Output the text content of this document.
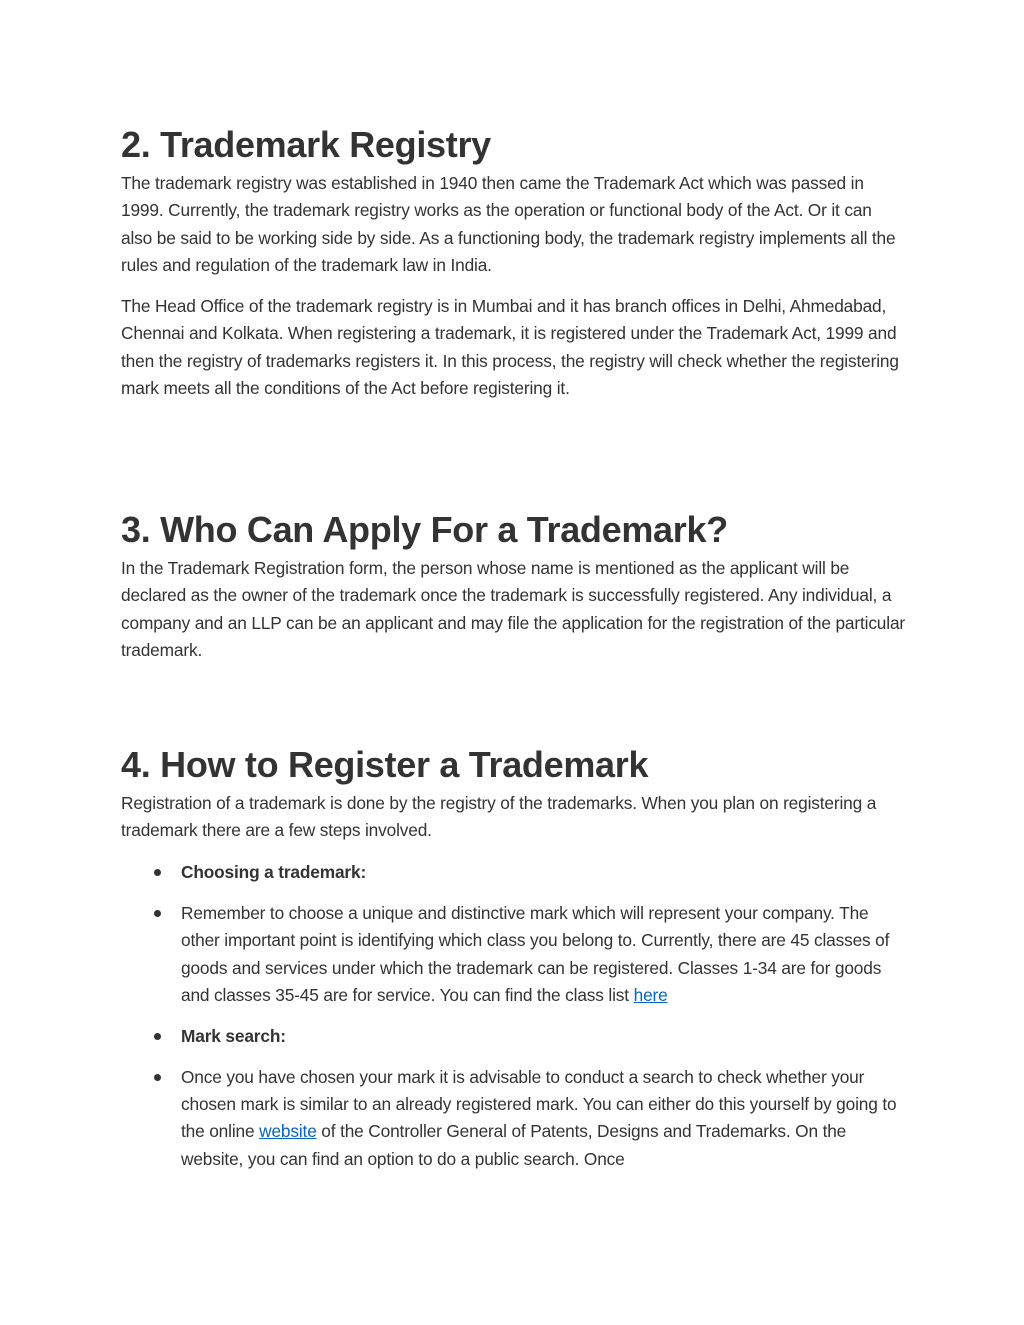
2. Trademark Registry

The trademark registry was established in 1940 then came the Trademark Act which was passed in 1999. Currently, the trademark registry works as the operation or functional body of the Act. Or it can also be said to be working side by side. As a functioning body, the trademark registry implements all the rules and regulation of the trademark law in India.

The Head Office of the trademark registry is in Mumbai and it has branch offices in Delhi, Ahmedabad, Chennai and Kolkata. When registering a trademark, it is registered under the Trademark Act, 1999 and then the registry of trademarks registers it. In this process, the registry will check whether the registering mark meets all the conditions of the Act before registering it.

3. Who Can Apply For a Trademark?

In the Trademark Registration form, the person whose name is mentioned as the applicant will be declared as the owner of the trademark once the trademark is successfully registered. Any individual, a company and an LLP can be an applicant and may file the application for the registration of the particular trademark.

4. How to Register a Trademark

Registration of a trademark is done by the registry of the trademarks. When you plan on registering a trademark there are a few steps involved.

Choosing a trademark:
Remember to choose a unique and distinctive mark which will represent your company. The other important point is identifying which class you belong to. Currently, there are 45 classes of goods and services under which the trademark can be registered. Classes 1-34 are for goods and classes 35-45 are for service. You can find the class list here
Mark search:
Once you have chosen your mark it is advisable to conduct a search to check whether your chosen mark is similar to an already registered mark. You can either do this yourself by going to the online website of the Controller General of Patents, Designs and Trademarks. On the website, you can find an option to do a public search. Once
